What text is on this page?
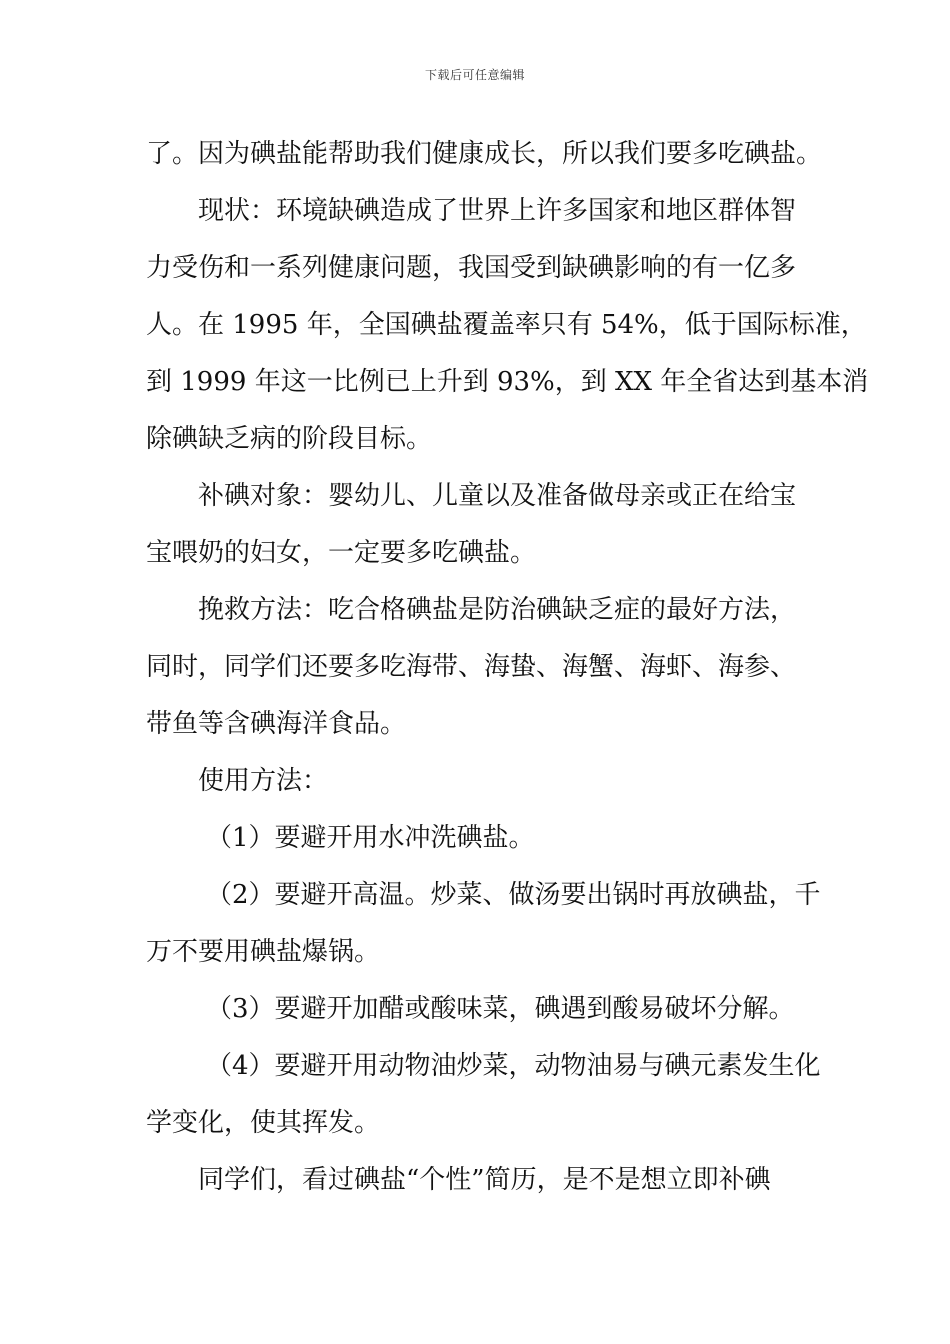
下载后可任意编辑
了。因为碘盐能帮助我们健康成长，所以我们要多吃碘盐。
现状：环境缺碘造成了世界上许多国家和地区群体智
力受伤和一系列健康问题，我国受到缺碘影响的有一亿多
人。在 1995 年，全国碘盐覆盖率只有 54%，低于国际标准，
到 1999 年这一比例已上升到 93%，到 XX 年全省达到基本消
除碘缺乏病的阶段目标。
补碘对象：婴幼儿、儿童以及准备做母亲或正在给宝
宝喂奶的妇女，一定要多吃碘盐。
挽救方法：吃合格碘盐是防治碘缺乏症的最好方法，
同时，同学们还要多吃海带、海蛰、海蟹、海虾、海参、
带鱼等含碘海洋食品。
使用方法：
（1）要避开用水冲洗碘盐。
（2）要避开高温。炒菜、做汤要出锅时再放碘盐，千
万不要用碘盐爆锅。
（3）要避开加醋或酸味菜，碘遇到酸易破坏分解。
（4）要避开用动物油炒菜，动物油易与碘元素发生化
学变化，使其挥发。
同学们，看过碘盐“个性”简历，是不是想立即补碘
